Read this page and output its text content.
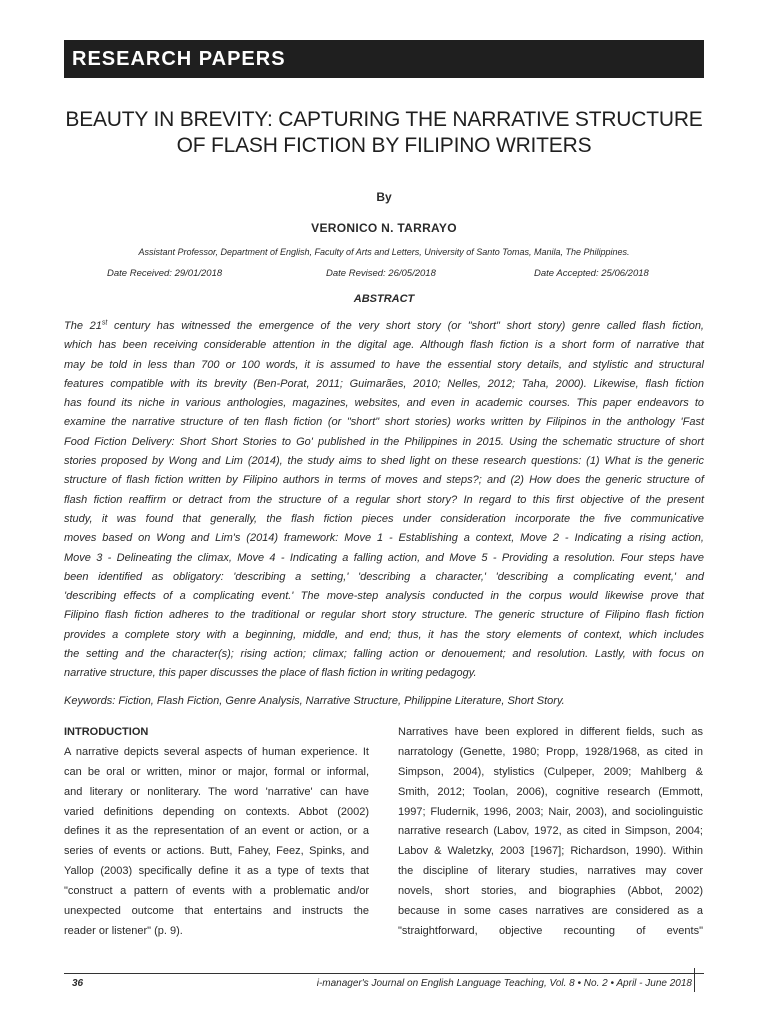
RESEARCH PAPERS
BEAUTY IN BREVITY: CAPTURING THE NARRATIVE STRUCTURE
OF FLASH FICTION BY FILIPINO WRITERS
By
VERONICO N. TARRAYO
Assistant Professor, Department of English, Faculty of Arts and Letters, University of Santo Tomas, Manila, The Philippines.
Date Received: 29/01/2018	Date Revised: 26/05/2018	Date Accepted: 25/06/2018
ABSTRACT
The 21st century has witnessed the emergence of the very short story (or "short" short story) genre called flash fiction,
which has been receiving considerable attention in the digital age. Although flash fiction is a short form of narrative that
may be told in less than 700 or 100 words, it is assumed to have the essential story details, and stylistic and structural
features compatible with its brevity (Ben-Porat, 2011; Guimarães, 2010; Nelles, 2012; Taha, 2000). Likewise, flash fiction
has found its niche in various anthologies, magazines, websites, and even in academic courses. This paper endeavors to
examine the narrative structure of ten flash fiction (or "short" short stories) works written by Filipinos in the anthology 'Fast
Food Fiction Delivery: Short Short Stories to Go' published in the Philippines in 2015. Using the schematic structure of short
stories proposed by Wong and Lim (2014), the study aims to shed light on these research questions: (1) What is the generic
structure of flash fiction written by Filipino authors in terms of moves and steps?; and (2) How does the generic structure of
flash fiction reaffirm or detract from the structure of a regular short story? In regard to this first objective of the present
study, it was found that generally, the flash fiction pieces under consideration incorporate the five communicative
moves based on Wong and Lim's (2014) framework: Move 1 - Establishing a context, Move 2 - Indicating a rising action,
Move 3 - Delineating the climax, Move 4 - Indicating a falling action, and Move 5 - Providing a resolution. Four steps have
been identified as obligatory: 'describing a setting,' 'describing a character,' 'describing a complicating event,' and
'describing effects of a complicating event.' The move-step analysis conducted in the corpus would likewise prove that
Filipino flash fiction adheres to the traditional or regular short story structure. The generic structure of Filipino flash fiction
provides a complete story with a beginning, middle, and end; thus, it has the story elements of context, which includes
the setting and the character(s); rising action; climax; falling action or denouement; and resolution. Lastly, with focus on
narrative structure, this paper discusses the place of flash fiction in writing pedagogy.
Keywords: Fiction, Flash Fiction, Genre Analysis, Narrative Structure, Philippine Literature, Short Story.
INTRODUCTION
A narrative depicts several aspects of human experience. It
can be oral or written, minor or major, formal or informal,
and literary or nonliterary. The word 'narrative' can have
varied definitions depending on contexts. Abbot (2002)
defines it as the representation of an event or action, or a
series of events or actions. Butt, Fahey, Feez, Spinks, and
Yallop (2003) specifically define it as a type of texts that
"construct a pattern of events with a problematic and/or
unexpected outcome that entertains and instructs the
reader or listener" (p. 9).
Narratives have been explored in different fields, such as
narratology (Genette, 1980; Propp, 1928/1968, as cited in
Simpson, 2004), stylistics (Culpeper, 2009; Mahlberg &
Smith, 2012; Toolan, 2006), cognitive research (Emmott,
1997; Fludernik, 1996, 2003; Nair, 2003), and sociolinguistic
narrative research (Labov, 1972, as cited in Simpson, 2004;
Labov & Waletzky, 2003 [1967]; Richardson, 1990). Within
the discipline of literary studies, narratives may cover
novels, short stories, and biographies (Abbot, 2002)
because in some cases narratives are considered as a
"straightforward, objective recounting of events"
36	i-manager's Journal on English Language Teaching, Vol. 8 • No. 2 • April - June 2018
